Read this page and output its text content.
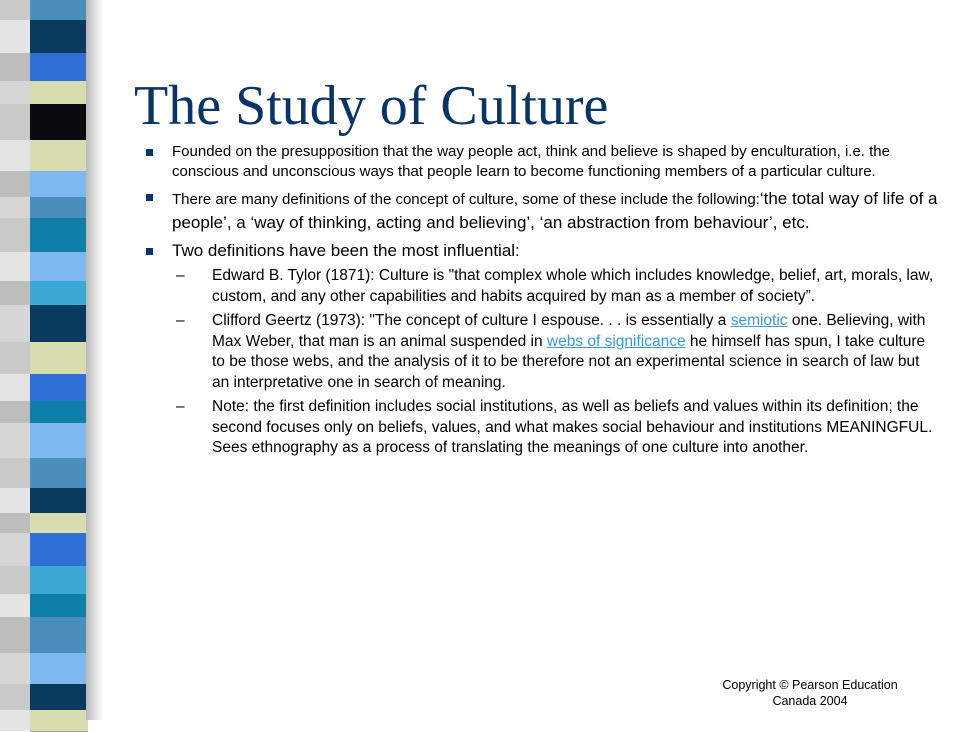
The Study of Culture
Founded on the presupposition that the way people act, think and believe is shaped by enculturation, i.e. the conscious and unconscious ways that people learn to become functioning members of a particular culture.
There are many definitions of the concept of culture, some of these include the following:‘the total way of life of a people’, a ‘way of thinking, acting and believing’, ‘an abstraction from behaviour’, etc.
Two definitions have been the most influential:
– Edward B. Tylor (1871): Culture is "that complex whole which includes knowledge, belief, art, morals, law, custom, and any other capabilities and habits acquired by man as a member of society”.
– Clifford Geertz (1973): "The concept of culture I espouse. . . is essentially a semiotic one. Believing, with Max Weber, that man is an animal suspended in webs of significance he himself has spun, I take culture to be those webs, and the analysis of it to be therefore not an experimental science in search of law but an interpretative one in search of meaning.
– Note: the first definition includes social institutions, as well as beliefs and values within its definition; the second focuses only on beliefs, values, and what makes social behaviour and institutions MEANINGFUL. Sees ethnography as a process of translating the meanings of one culture into another.
Copyright © Pearson Education
Canada 2004
